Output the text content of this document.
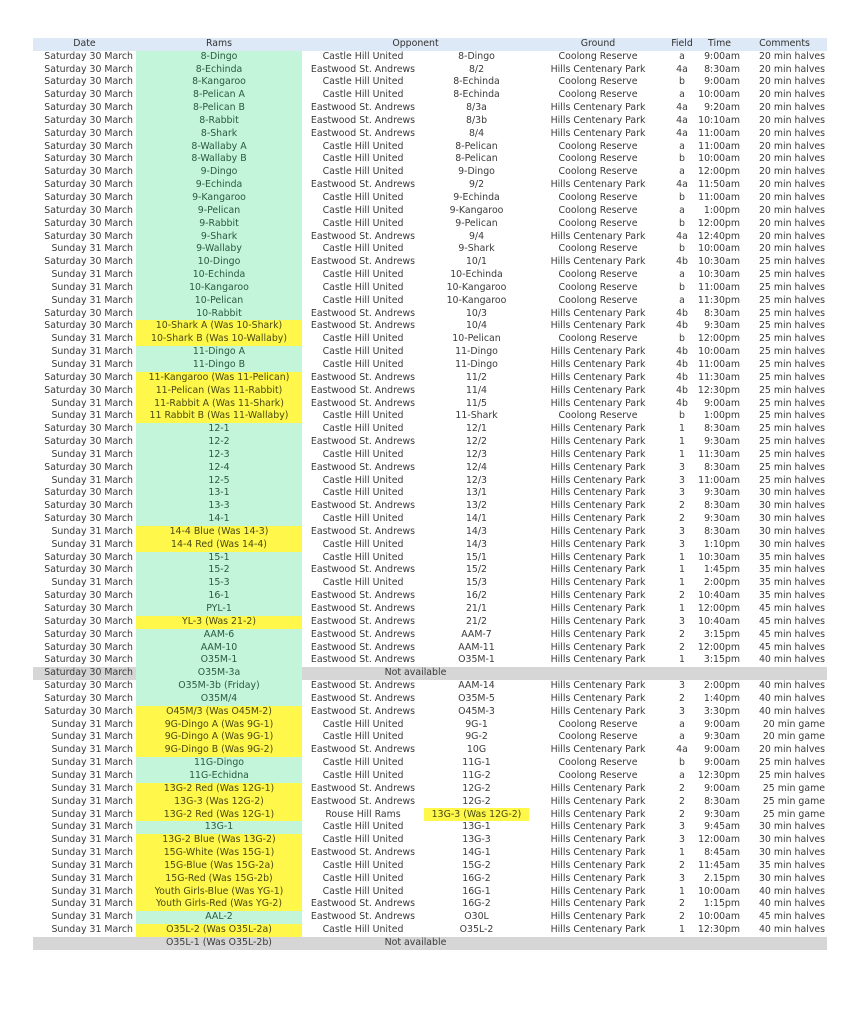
Date	Rams	Opponent		Ground	Field	Time	Comments
Saturday 30 March	8-Dingo	Castle Hill United	8-Dingo	Coolong Reserve	a	9:00am	20 min halves
Saturday 30 March	8-Echinda	Eastwood St. Andrews	8/2	Hills Centenary Park	4a	8:30am	20 min halves
Saturday 30 March	8-Kangaroo	Castle Hill United	8-Echinda	Coolong Reserve	b	9:00am	20 min halves
Saturday 30 March	8-Pelican A	Castle Hill United	8-Echinda	Coolong Reserve	a	10:00am	20 min halves
Saturday 30 March	8-Pelican B	Eastwood St. Andrews	8/3a	Hills Centenary Park	4a	9:20am	20 min halves
Saturday 30 March	8-Rabbit	Eastwood St. Andrews	8/3b	Hills Centenary Park	4a	10:10am	20 min halves
Saturday 30 March	8-Shark	Eastwood St. Andrews	8/4	Hills Centenary Park	4a	11:00am	20 min halves
Saturday 30 March	8-Wallaby A	Castle Hill United	8-Pelican	Coolong Reserve	a	11:00am	20 min halves
Saturday 30 March	8-Wallaby B	Castle Hill United	8-Pelican	Coolong Reserve	b	10:00am	20 min halves
Saturday 30 March	9-Dingo	Castle Hill United	9-Dingo	Coolong Reserve	a	12:00pm	20 min halves
Saturday 30 March	9-Echinda	Eastwood St. Andrews	9/2	Hills Centenary Park	4a	11:50am	20 min halves
Saturday 30 March	9-Kangaroo	Castle Hill United	9-Echinda	Coolong Reserve	b	11:00am	20 min halves
Saturday 30 March	9-Pelican	Castle Hill United	9-Kangaroo	Coolong Reserve	a	1:00pm	20 min halves
Saturday 30 March	9-Rabbit	Castle Hill United	9-Pelican	Coolong Reserve	b	12:00pm	20 min halves
Saturday 30 March	9-Shark	Eastwood St. Andrews	9/4	Hills Centenary Park	4a	12:40pm	20 min halves
Sunday 31 March	9-Wallaby	Castle Hill United	9-Shark	Coolong Reserve	b	10:00am	20 min halves
Saturday 30 March	10-Dingo	Eastwood St. Andrews	10/1	Hills Centenary Park	4b	10:30am	25 min halves
Sunday 31 March	10-Echinda	Castle Hill United	10-Echinda	Coolong Reserve	a	10:30am	25 min halves
Sunday 31 March	10-Kangaroo	Castle Hill United	10-Kangaroo	Coolong Reserve	b	11:00am	25 min halves
Sunday 31 March	10-Pelican	Castle Hill United	10-Kangaroo	Coolong Reserve	a	11:30pm	25 min halves
Saturday 30 March	10-Rabbit	Eastwood St. Andrews	10/3	Hills Centenary Park	4b	8:30am	25 min halves
Saturday 30 March	10-Shark A (Was 10-Shark)	Eastwood St. Andrews	10/4	Hills Centenary Park	4b	9:30am	25 min halves
Sunday 31 March	10-Shark B (Was 10-Wallaby)	Castle Hill United	10-Pelican	Coolong Reserve	b	12:00pm	25 min halves
Sunday 31 March	11-Dingo A	Castle Hill United	11-Dingo	Hills Centenary Park	4b	10:00am	25 min halves
Sunday 31 March	11-Dingo B	Castle Hill United	11-Dingo	Hills Centenary Park	4b	11:00am	25 min halves
Saturday 30 March	11-Kangaroo (Was 11-Pelican)	Eastwood St. Andrews	11/2	Hills Centenary Park	4b	11:30am	25 min halves
Saturday 30 March	11-Pelican (Was 11-Rabbit)	Eastwood St. Andrews	11/4	Hills Centenary Park	4b	12:30pm	25 min halves
Sunday 31 March	11-Rabbit A (Was 11-Shark)	Eastwood St. Andrews	11/5	Hills Centenary Park	4b	9:00am	25 min halves
Sunday 31 March	11 Rabbit B (Was 11-Wallaby)	Castle Hill United	11-Shark	Coolong Reserve	b	1:00pm	25 min halves
Saturday 30 March	12-1	Castle Hill United	12/1	Hills Centenary Park	1	8:30am	25 min halves
Saturday 30 March	12-2	Eastwood St. Andrews	12/2	Hills Centenary Park	1	9:30am	25 min halves
Sunday 31 March	12-3	Castle Hill United	12/3	Hills Centenary Park	1	11:30am	25 min halves
Saturday 30 March	12-4	Eastwood St. Andrews	12/4	Hills Centenary Park	3	8:30am	25 min halves
Sunday 31 March	12-5	Castle Hill United	12/3	Hills Centenary Park	3	11:00am	25 min halves
Saturday 30 March	13-1	Castle Hill United	13/1	Hills Centenary Park	3	9:30am	30 min halves
Saturday 30 March	13-3	Eastwood St. Andrews	13/2	Hills Centenary Park	2	8:30am	30 min halves
Saturday 30 March	14-1	Castle Hill United	14/1	Hills Centenary Park	2	9:30am	30 min halves
Sunday 31 March	14-4 Blue (Was 14-3)	Eastwood St. Andrews	14/3	Hills Centenary Park	3	8:30am	30 min halves
Sunday 31 March	14-4 Red (Was 14-4)	Castle Hill United	14/3	Hills Centenary Park	3	1:10pm	30 min halves
Saturday 30 March	15-1	Castle Hill United	15/1	Hills Centenary Park	1	10:30am	35 min halves
Saturday 30 March	15-2	Eastwood St. Andrews	15/2	Hills Centenary Park	1	1:45pm	35 min halves
Sunday 31 March	15-3	Castle Hill United	15/3	Hills Centenary Park	1	2:00pm	35 min halves
Saturday 30 March	16-1	Eastwood St. Andrews	16/2	Hills Centenary Park	2	10:40am	35 min halves
Saturday 30 March	PYL-1	Eastwood St. Andrews	21/1	Hills Centenary Park	1	12:00pm	45 min halves
Saturday 30 March	YL-3 (Was 21-2)	Eastwood St. Andrews	21/2	Hills Centenary Park	3	10:40am	45 min halves
Saturday 30 March	AAM-6	Eastwood St. Andrews	AAM-7	Hills Centenary Park	2	3:15pm	45 min halves
Saturday 30 March	AAM-10	Eastwood St. Andrews	AAM-11	Hills Centenary Park	2	12:00pm	45 min halves
Saturday 30 March	O35M-1	Eastwood St. Andrews	O35M-1	Hills Centenary Park	1	3:15pm	40 min halves
Saturday 30 March	O35M-3a	Not available					
Saturday 30 March	O35M-3b (Friday)	Eastwood St. Andrews	AAM-14	Hills Centenary Park	3	2:00pm	40 min halves
Saturday 30 March	O35M/4	Eastwood St. Andrews	O35M-5	Hills Centenary Park	2	1:40pm	40 min halves
Saturday 30 March	O45M/3 (Was O45M-2)	Eastwood St. Andrews	O45M-3	Hills Centenary Park	3	3:30pm	40 min halves
Sunday 31 March	9G-Dingo A (Was 9G-1)	Castle Hill United	9G-1	Coolong Reserve	a	9:00am	20 min game
Sunday 31 March	9G-Dingo A (Was 9G-1)	Castle Hill United	9G-2	Coolong Reserve	a	9:30am	20 min game
Sunday 31 March	9G-Dingo B (Was 9G-2)	Eastwood St. Andrews	10G	Hills Centenary Park	4a	9:00am	20 min halves
Sunday 31 March	11G-Dingo	Castle Hill United	11G-1	Coolong Reserve	b	9:00am	25 min halves
Sunday 31 March	11G-Echidna	Castle Hill United	11G-2	Coolong Reserve	a	12:30pm	25 min halves
Sunday 31 March	13G-2 Red (Was 12G-1)	Eastwood St. Andrews	12G-2	Hills Centenary Park	2	9:00am	25 min game
Sunday 31 March	13G-3 (Was 12G-2)	Eastwood St. Andrews	12G-2	Hills Centenary Park	2	8:30am	25 min game
Sunday 31 March	13G-2 Red (Was 12G-1)	Rouse Hill Rams	13G-3 (Was 12G-2)	Hills Centenary Park	2	9:30am	25 min game
Sunday 31 March	13G-1	Castle Hill United	13G-1	Hills Centenary Park	3	9:45am	30 min halves
Sunday 31 March	13G-2 Blue (Was 13G-2)	Castle Hill United	13G-3	Hills Centenary Park	3	12:00am	30 min halves
Sunday 31 March	15G-White (Was 15G-1)	Eastwood St. Andrews	14G-1	Hills Centenary Park	1	8:45am	30 min halves
Sunday 31 March	15G-Blue (Was 15G-2a)	Castle Hill United	15G-2	Hills Centenary Park	2	11:45am	35 min halves
Sunday 31 March	15G-Red (Was 15G-2b)	Castle Hill United	16G-2	Hills Centenary Park	3	2.15pm	30 min halves
Sunday 31 March	Youth Girls-Blue (Was YG-1)	Castle Hill United	16G-1	Hills Centenary Park	1	10:00am	40 min halves
Sunday 31 March	Youth Girls-Red (Was YG-2)	Eastwood St. Andrews	16G-2	Hills Centenary Park	2	1:15pm	40 min halves
Sunday 31 March	AAL-2	Eastwood St. Andrews	O30L	Hills Centenary Park	2	10:00am	45 min halves
Sunday 31 March	O35L-2 (Was O35L-2a)	Castle Hill United	O35L-2	Hills Centenary Park	1	12:30pm	40 min halves
	O35L-1 (Was O35L-2b)	Not available					
